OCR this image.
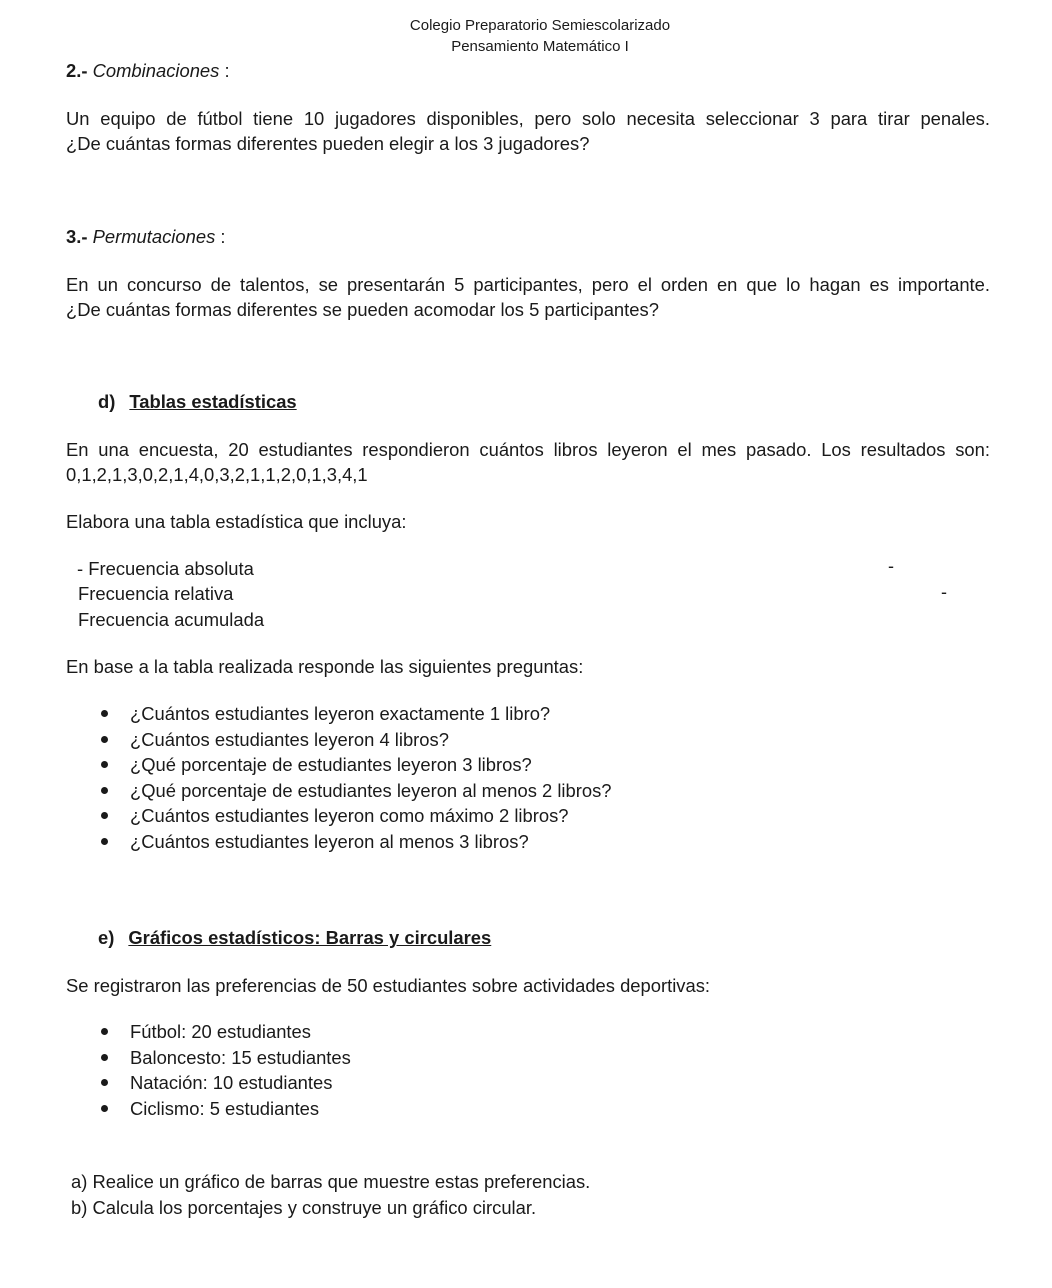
Colegio Preparatorio Semiescolarizado
Pensamiento Matemático I
2.- Combinaciones :
Un equipo de fútbol tiene 10 jugadores disponibles, pero solo necesita seleccionar 3 para tirar penales.
¿De cuántas formas diferentes pueden elegir a los 3 jugadores?
3.- Permutaciones :
En un concurso de talentos, se presentarán 5 participantes, pero el orden en que lo hagan es importante.
¿De cuántas formas diferentes se pueden acomodar los 5 participantes?
d) Tablas estadísticas
En una encuesta, 20 estudiantes respondieron cuántos libros leyeron el mes pasado. Los resultados son:
0,1,2,1,3,0,2,1,4,0,3,2,1,1,2,0,1,3,4,1
Elabora una tabla estadística que incluya:
- Frecuencia absoluta	-
Frecuencia relativa	-
Frecuencia acumulada
En base a la tabla realizada responde las siguientes preguntas:
¿Cuántos estudiantes leyeron exactamente 1 libro?
¿Cuántos estudiantes leyeron 4 libros?
¿Qué porcentaje de estudiantes leyeron 3 libros?
¿Qué porcentaje de estudiantes leyeron al menos 2 libros?
¿Cuántos estudiantes leyeron como máximo 2 libros?
¿Cuántos estudiantes leyeron al menos 3 libros?
e) Gráficos estadísticos: Barras y circulares
Se registraron las preferencias de 50 estudiantes sobre actividades deportivas:
Fútbol: 20 estudiantes
Baloncesto: 15 estudiantes
Natación: 10 estudiantes
Ciclismo: 5 estudiantes
a) Realice un gráfico de barras que muestre estas preferencias.
b) Calcula los porcentajes y construye un gráfico circular.
